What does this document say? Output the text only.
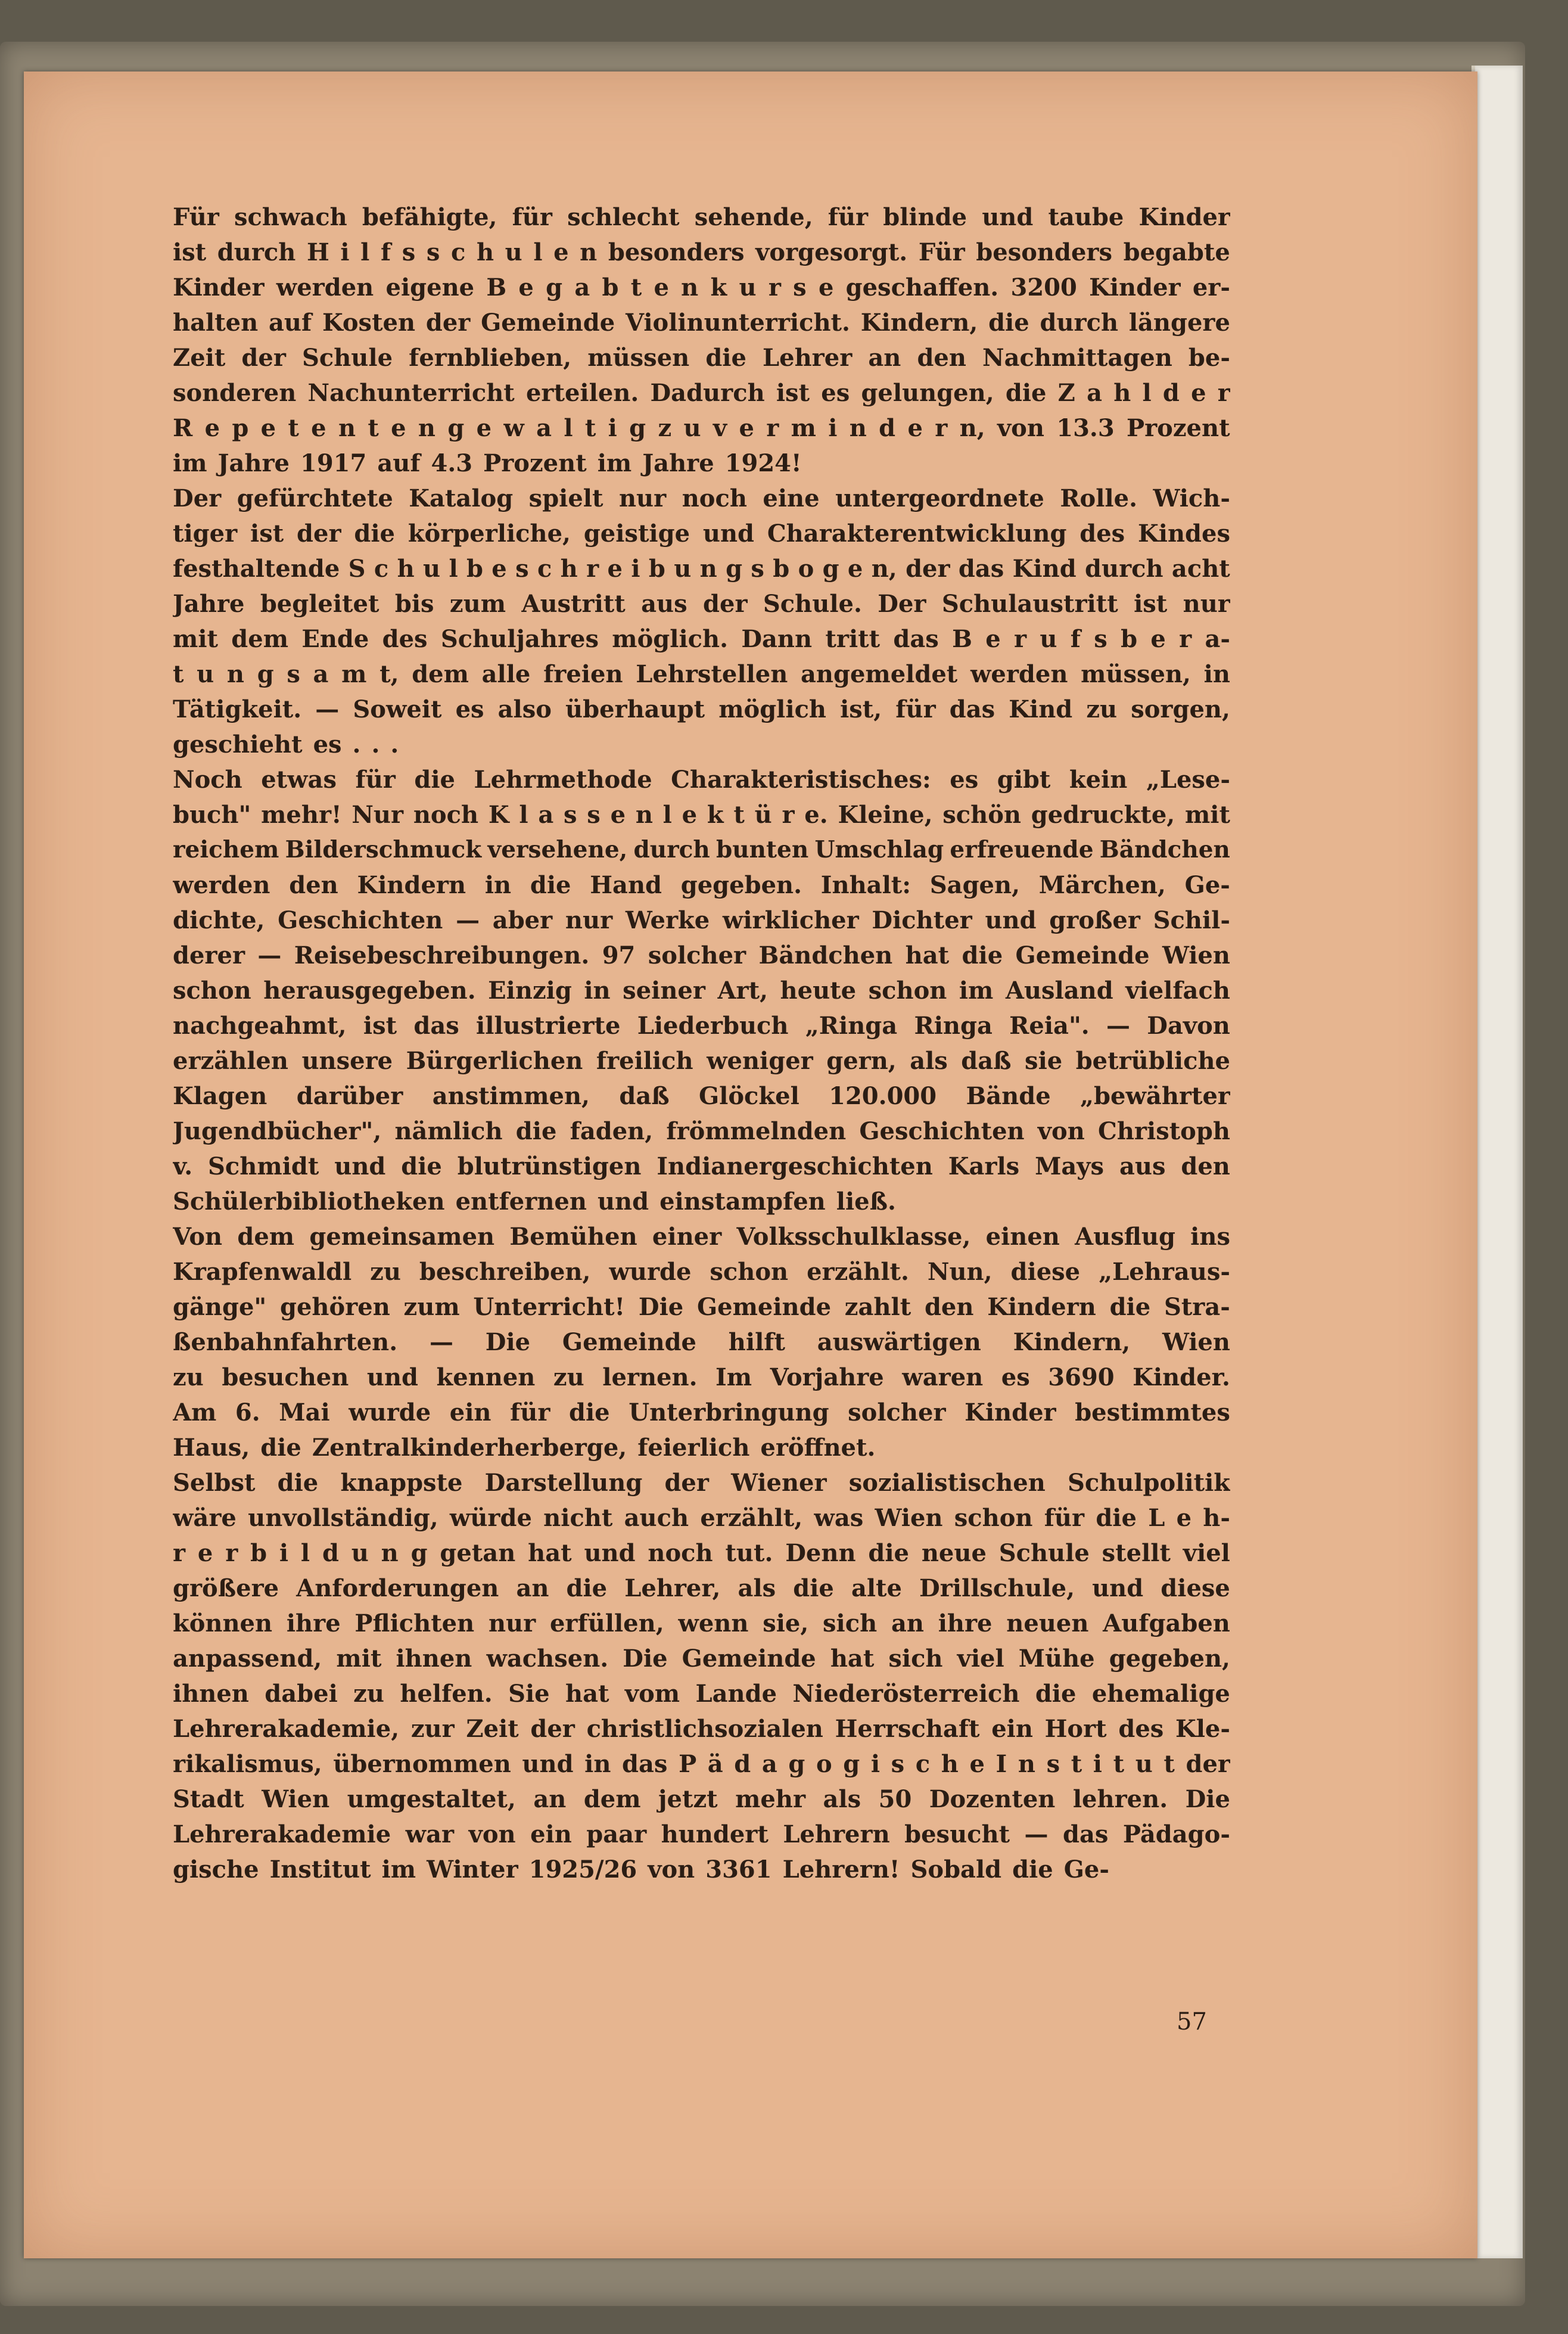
Für schwach befähigte, für schlecht sehende, für blinde und taube Kinder
ist durch H i l f s s c h u l e n besonders vorgesorgt. Für besonders begabte
Kinder werden eigene B e g a b t e n k u r s e geschaffen. 3200 Kinder er-
halten auf Kosten der Gemeinde Violinunterricht. Kindern, die durch längere
Zeit der Schule fernblieben, müssen die Lehrer an den Nachmittagen be-
sonderen Nachunterricht erteilen. Dadurch ist es gelungen, die Z a h l d e r
R e p e t e n t e n g e w a l t i g z u v e r m i n d e r n, von 13.3 Prozent
im Jahre 1917 auf 4.3 Prozent im Jahre 1924!
Der gefürchtete Katalog spielt nur noch eine untergeordnete Rolle. Wich-
tiger ist der die körperliche, geistige und Charakterentwicklung des Kindes
festhaltende S c h u l b e s c h r e i b u n g s b o g e n, der das Kind durch acht
Jahre begleitet bis zum Austritt aus der Schule. Der Schulaustritt ist nur
mit dem Ende des Schuljahres möglich. Dann tritt das B e r u f s b e r a-
t u n g s a m t, dem alle freien Lehrstellen angemeldet werden müssen, in
Tätigkeit. — Soweit es also überhaupt möglich ist, für das Kind zu sorgen,
geschieht es . . .
Noch etwas für die Lehrmethode Charakteristisches: es gibt kein „Lese-
buch" mehr! Nur noch K l a s s e n l e k t ü r e. Kleine, schön gedruckte, mit
reichem Bilderschmuck versehene, durch bunten Umschlag erfreuende Bändchen
werden den Kindern in die Hand gegeben. Inhalt: Sagen, Märchen, Ge-
dichte, Geschichten — aber nur Werke wirklicher Dichter und großer Schil-
derer — Reisebeschreibungen. 97 solcher Bändchen hat die Gemeinde Wien
schon herausgegeben. Einzig in seiner Art, heute schon im Ausland vielfach
nachgeahmt, ist das illustrierte Liederbuch „Ringa Ringa Reia". — Davon
erzählen unsere Bürgerlichen freilich weniger gern, als daß sie betrübliche
Klagen darüber anstimmen, daß Glöckel 120.000 Bände „bewährter
Jugendbücher", nämlich die faden, frömmelnden Geschichten von Christoph
v. Schmidt und die blutrünstigen Indianergeschichten Karls Mays aus den
Schülerbibliotheken entfernen und einstampfen ließ.
Von dem gemeinsamen Bemühen einer Volksschulklasse, einen Ausflug ins
Krapfenwaldl zu beschreiben, wurde schon erzählt. Nun, diese „Lehraus-
gänge" gehören zum Unterricht! Die Gemeinde zahlt den Kindern die Stra-
ßenbahnfahrten. — Die Gemeinde hilft auswärtigen Kindern, Wien
zu besuchen und kennen zu lernen. Im Vorjahre waren es 3690 Kinder.
Am 6. Mai wurde ein für die Unterbringung solcher Kinder bestimmtes
Haus, die Zentralkinderherberge, feierlich eröffnet.
Selbst die knappste Darstellung der Wiener sozialistischen Schulpolitik
wäre unvollständig, würde nicht auch erzählt, was Wien schon für die L e h-
r e r b i l d u n g getan hat und noch tut. Denn die neue Schule stellt viel
größere Anforderungen an die Lehrer, als die alte Drillschule, und diese
können ihre Pflichten nur erfüllen, wenn sie, sich an ihre neuen Aufgaben
anpassend, mit ihnen wachsen. Die Gemeinde hat sich viel Mühe gegeben,
ihnen dabei zu helfen. Sie hat vom Lande Niederösterreich die ehemalige
Lehrerakademie, zur Zeit der christlichsozialen Herrschaft ein Hort des Kle-
rikalismus, übernommen und in das P ä d a g o g i s c h e I n s t i t u t der
Stadt Wien umgestaltet, an dem jetzt mehr als 50 Dozenten lehren. Die
Lehrerakademie war von ein paar hundert Lehrern besucht — das Pädago-
gische Institut im Winter 1925/26 von 3361 Lehrern! Sobald die Ge-
57
